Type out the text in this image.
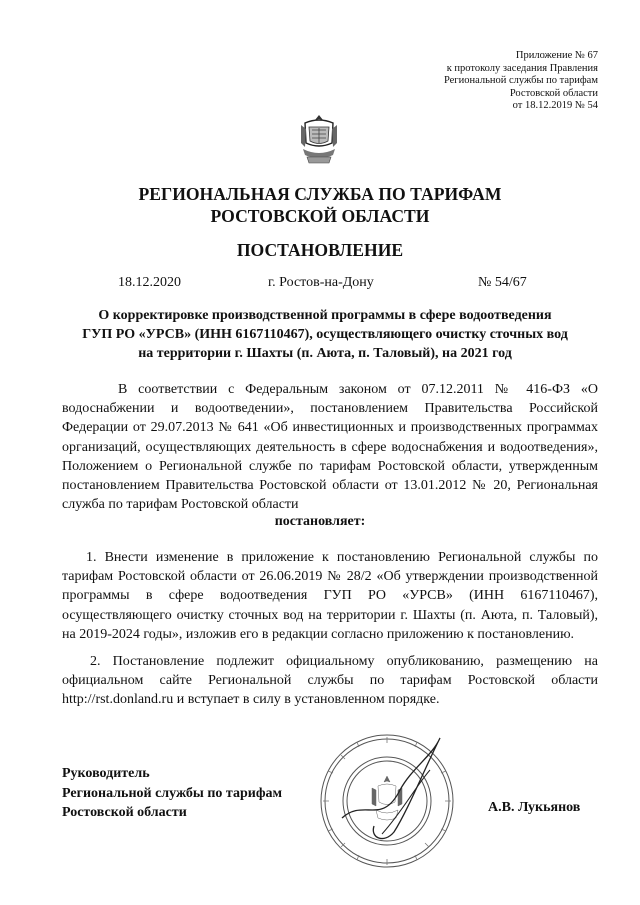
Приложение № 67
к протоколу заседания Правления
Региональной службы по тарифам
Ростовской области
от 18.12.2019 № 54
РЕГИОНАЛЬНАЯ СЛУЖБА ПО ТАРИФАМ
РОСТОВСКОЙ ОБЛАСТИ
ПОСТАНОВЛЕНИЕ
18.12.2020	г. Ростов-на-Дону	№ 54/67
О корректировке производственной программы в сфере водоотведения
ГУП РО «УРСВ» (ИНН 6167110467), осуществляющего очистку сточных вод
на территории г. Шахты (п. Аюта, п. Таловый), на 2021 год
В соответствии с Федеральным законом от 07.12.2011 № 416-ФЗ «О водоснабжении и водоотведении», постановлением Правительства Российской Федерации от 29.07.2013 № 641 «Об инвестиционных и производственных программах организаций, осуществляющих деятельность в сфере водоснабжения и водоотведения», Положением о Региональной службе по тарифам Ростовской области, утвержденным постановлением Правительства Ростовской области от 13.01.2012 № 20, Региональная служба по тарифам Ростовской области
постановляет:
1. Внести изменение в приложение к постановлению Региональной службы по тарифам Ростовской области от 26.06.2019 № 28/2 «Об утверждении производственной программы в сфере водоотведения ГУП РО «УРСВ» (ИНН 6167110467), осуществляющего очистку сточных вод на территории г. Шахты (п. Аюта, п. Таловый), на 2019-2024 годы», изложив его в редакции согласно приложению к постановлению.
2. Постановление подлежит официальному опубликованию, размещению на официальном сайте Региональной службы по тарифам Ростовской области http://rst.donland.ru и вступает в силу в установленном порядке.
Руководитель
Региональной службы по тарифам
Ростовской области	А.В. Лукьянов
